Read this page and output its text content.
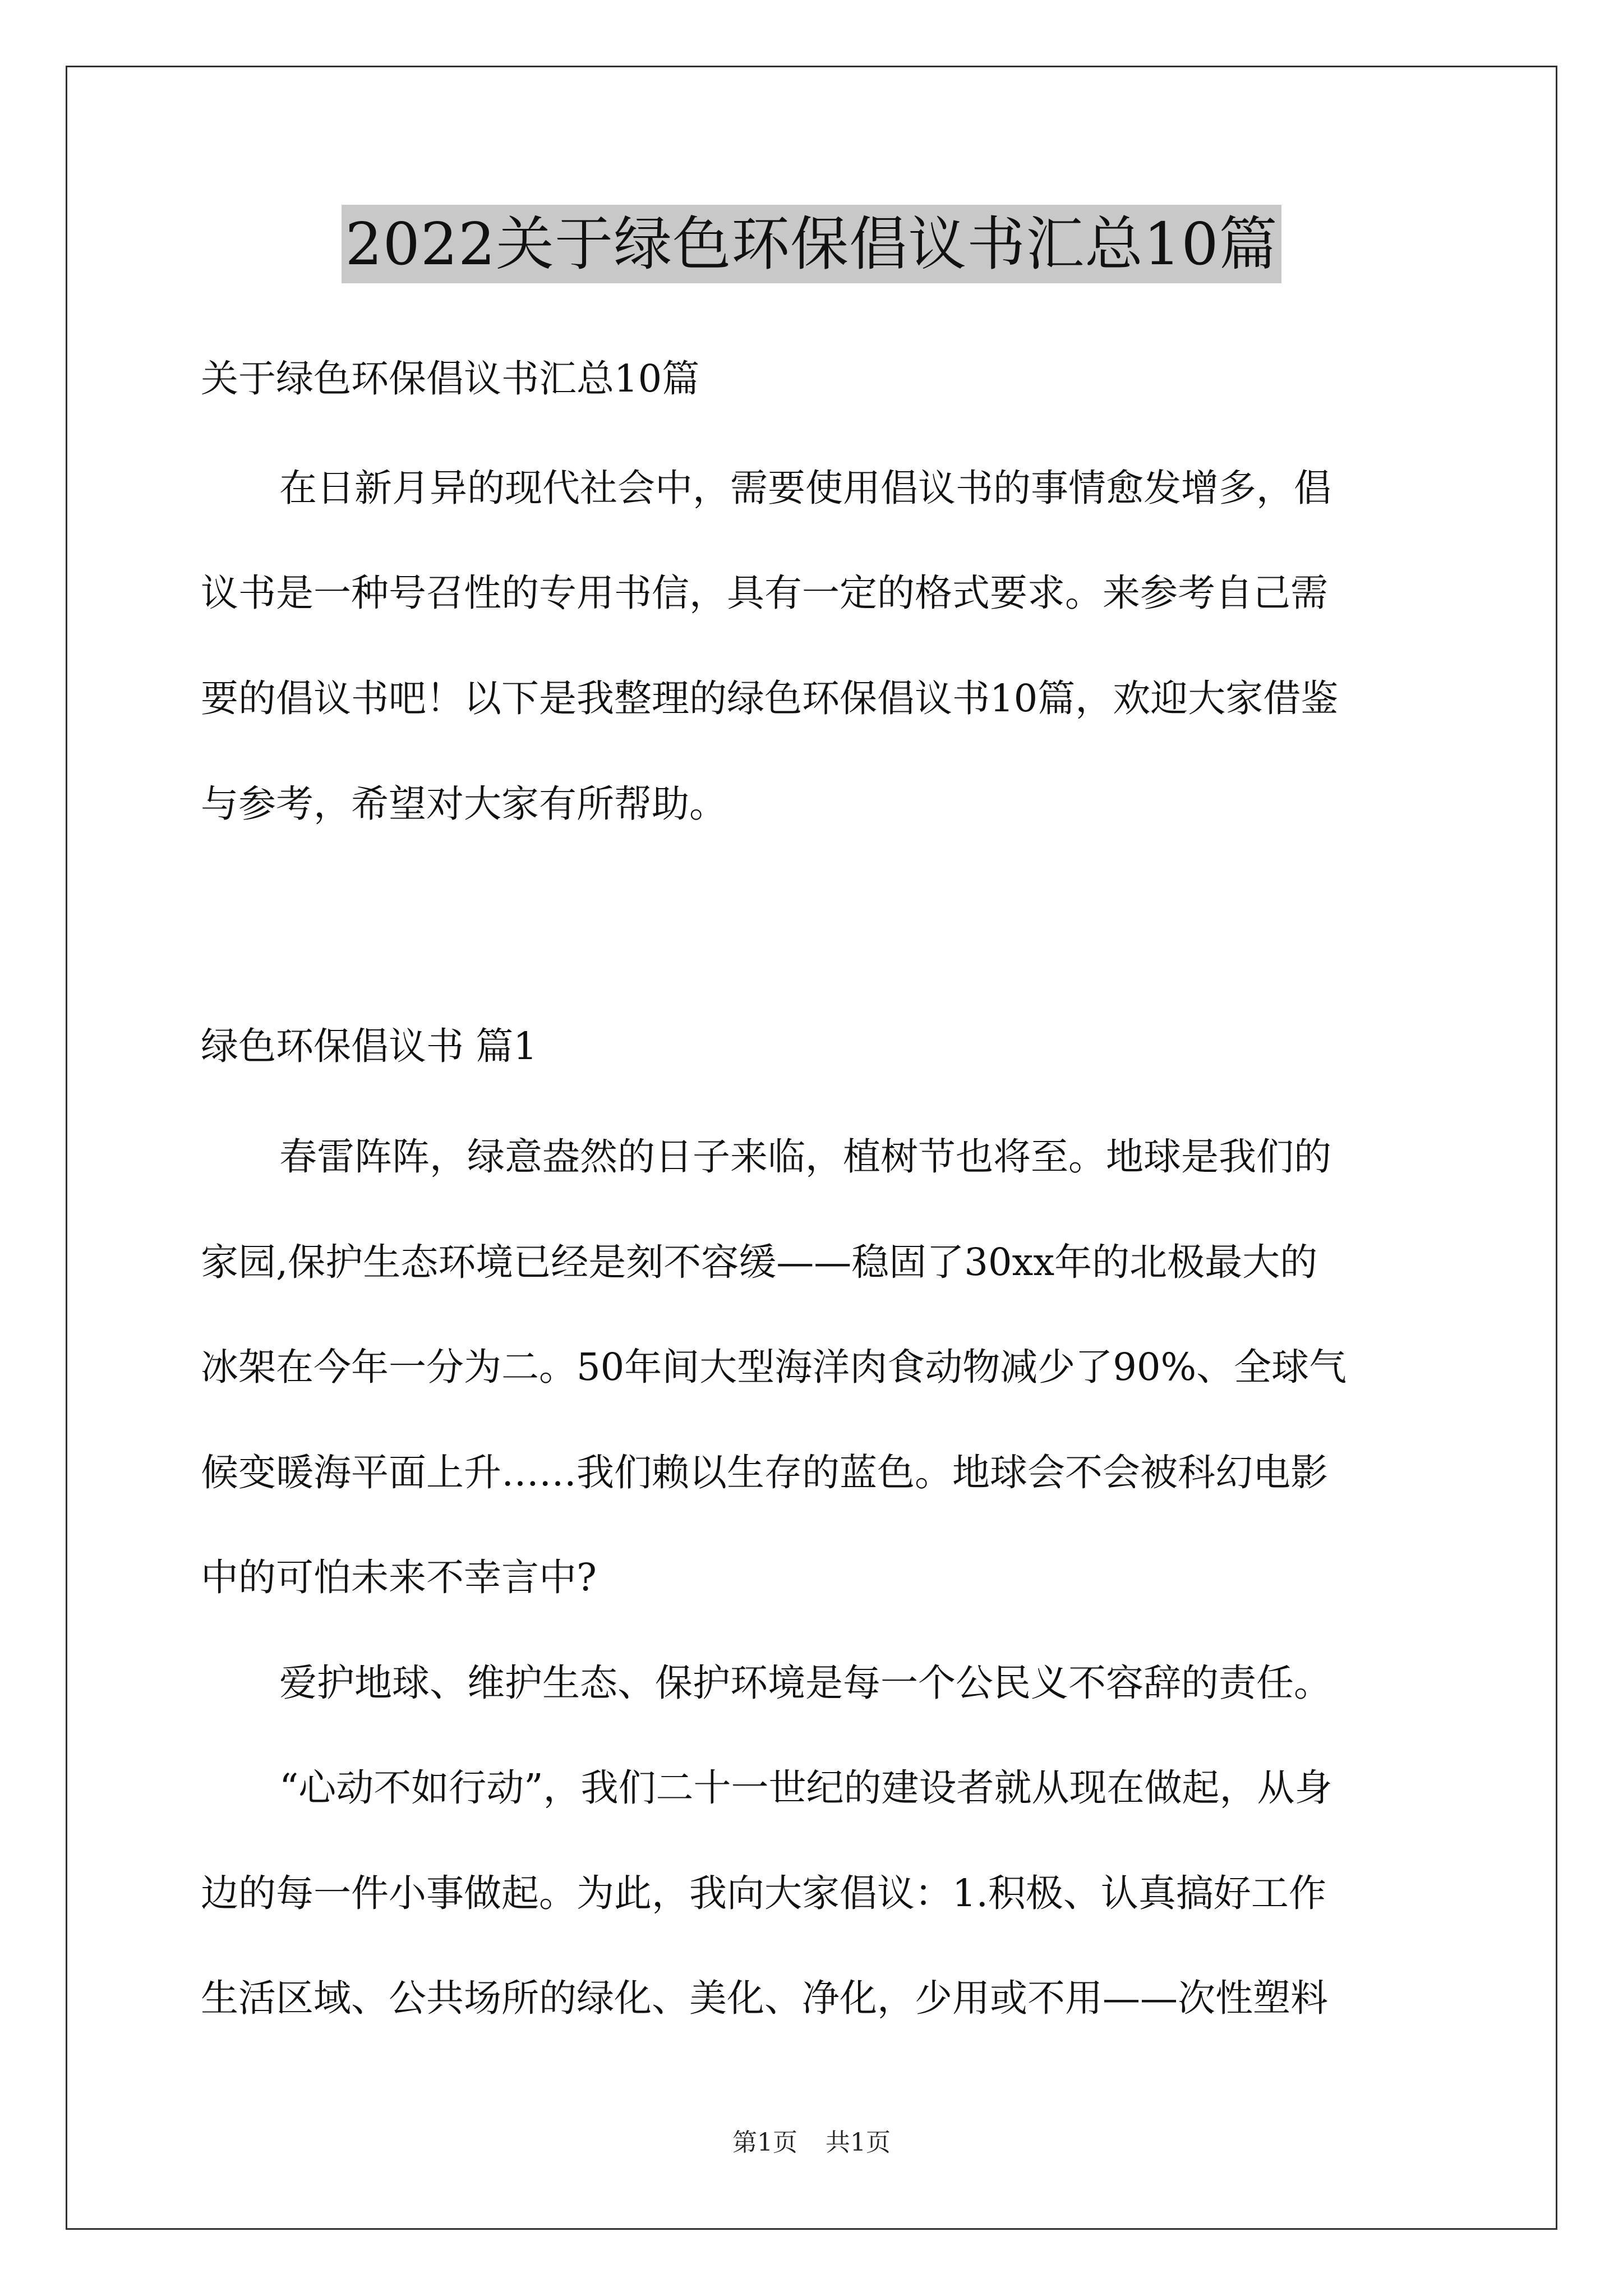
2022关于绿色环保倡议书汇总10篇

关于绿色环保倡议书汇总10篇

在日新月异的现代社会中，需要使用倡议书的事情愈发增多，倡

议书是一种号召性的专用书信，具有一定的格式要求。来参考自己需

要的倡议书吧！以下是我整理的绿色环保倡议书10篇，欢迎大家借鉴

与参考，希望对大家有所帮助。

绿色环保倡议书 篇1

春雷阵阵，绿意盎然的日子来临，植树节也将至。地球是我们的

家园,保护生态环境已经是刻不容缓——稳固了30xx年的北极最大的

冰架在今年一分为二。50年间大型海洋肉食动物减少了90%、全球气

候变暖海平面上升……我们赖以生存的蓝色。地球会不会被科幻电影

中的可怕未来不幸言中?

爱护地球、维护生态、保护环境是每一个公民义不容辞的责任。

“心动不如行动”，我们二十一世纪的建设者就从现在做起，从身

边的每一件小事做起。为此，我向大家倡议：1.积极、认真搞好工作

生活区域、公共场所的绿化、美化、净化，少用或不用——次性塑料

第1页 共1页
